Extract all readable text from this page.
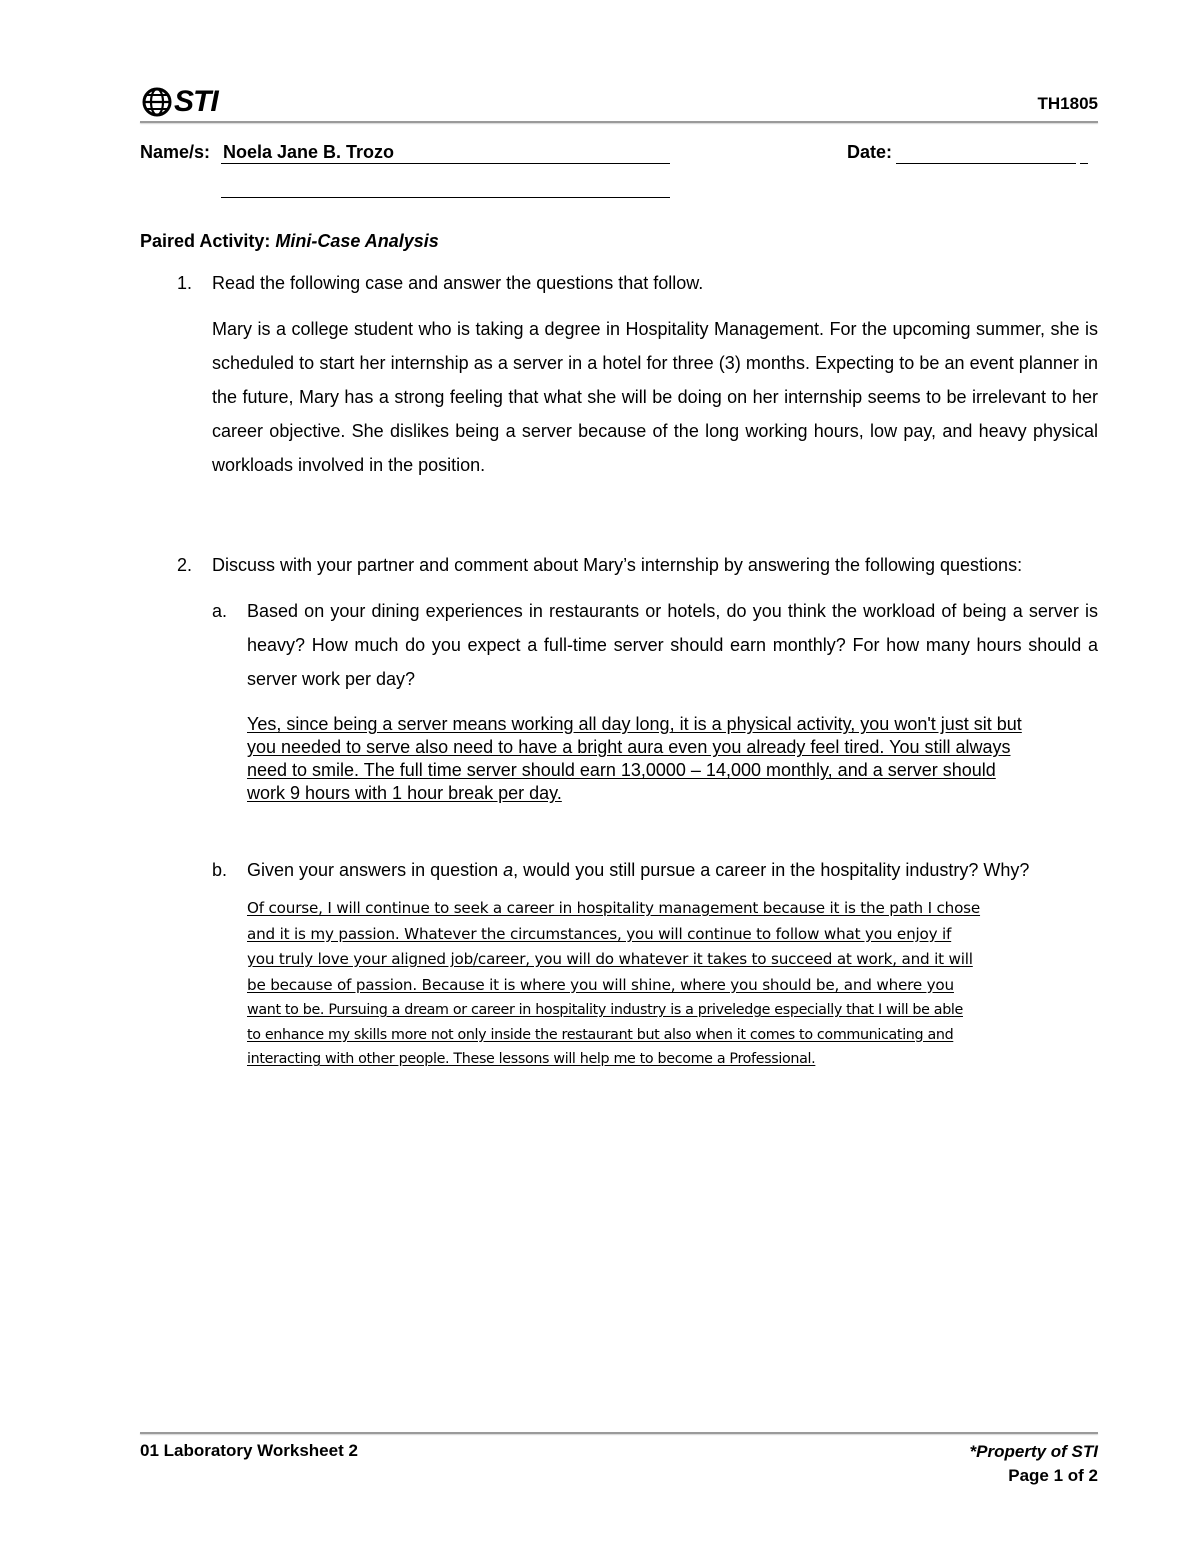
STI	TH1805
Name/s: Noela Jane B. Trozo	Date:
Paired Activity: Mini-Case Analysis
1. Read the following case and answer the questions that follow.
Mary is a college student who is taking a degree in Hospitality Management. For the upcoming summer, she is scheduled to start her internship as a server in a hotel for three (3) months. Expecting to be an event planner in the future, Mary has a strong feeling that what she will be doing on her internship seems to be irrelevant to her career objective. She dislikes being a server because of the long working hours, low pay, and heavy physical workloads involved in the position.
2. Discuss with your partner and comment about Mary’s internship by answering the following questions:
a. Based on your dining experiences in restaurants or hotels, do you think the workload of being a server is heavy? How much do you expect a full-time server should earn monthly? For how many hours should a server work per day?
Yes, since being a server means working all day long, it is a physical activity, you won't just sit but
you needed to serve also need to have a bright aura even you already feel tired. You still always
need to smile. The full time server should earn 13,0000 – 14,000 monthly, and a server should
work 9 hours with 1 hour break per day.
b. Given your answers in question a, would you still pursue a career in the hospitality industry? Why?
Of course, I will continue to seek a career in hospitality management because it is the path I chose
and it is my passion. Whatever the circumstances, you will continue to follow what you enjoy if
you truly love your aligned job/career, you will do whatever it takes to succeed at work, and it will
be because of passion. Because it is where you will shine, where you should be, and where you
want to be. Pursuing a dream or career in hospitality industry is a priveledge especially that I will be able
to enhance my skills more not only inside the restaurant but also when it comes to communicating and
interacting with other people. These lessons will help me to become a Professional.
01 Laboratory Worksheet 2	*Property of STI
Page 1 of 2
